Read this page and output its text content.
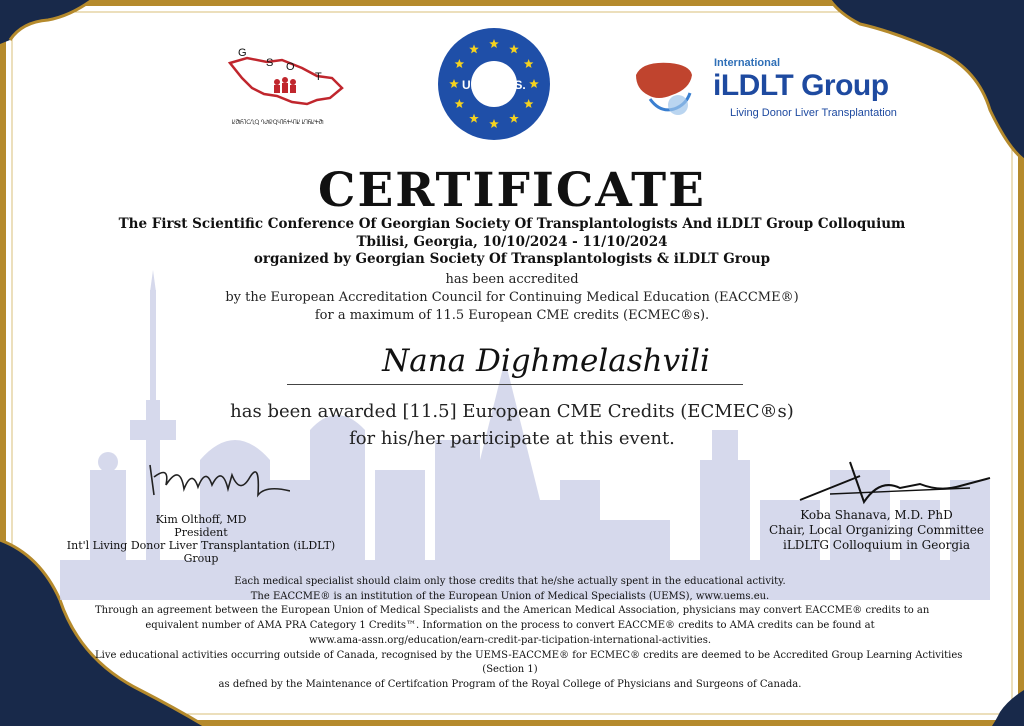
G
S O
T
ႾႫႬႨႺႢႳ ႤႰႲႳႷႨႬႵႷႨႾ ႾႨႬႾႵႫ
U.E. M.S.
International
iLDLT Group
Living Donor Liver Transplantation
CERTIFICATE
The First Scientific Conference Of Georgian Society Of Transplantologists And iLDLT Group Colloquium
Tbilisi, Georgia, 10/10/2024 - 11/10/2024
organized by Georgian Society Of Transplantologists & iLDLT Group
has been accredited
by the European Accreditation Council for Continuing Medical Education (EACCME®)
for a maximum of 11.5 European CME credits (ECMEC®s).
Nana Dighmelashvili
has been awarded [11.5] European CME Credits (ECMEC®s)
for his/her participate at this event.
Kim Olthoff, MD
President
Int'l Living Donor Liver Transplantation (iLDLT) Group
Koba Shanava, M.D. PhD
Chair, Local Organizing Committee
iLDLTG Colloquium in Georgia
Each medical specialist should claim only those credits that he/she actually spent in the educational activity.
The EACCME® is an institution of the European Union of Medical Specialists (UEMS), www.uems.eu.
Through an agreement between the European Union of Medical Specialists and the American Medical Association, physicians may convert EACCME® credits to an
equivalent number of AMA PRA Category 1 Credits™. Information on the process to convert EACCME® credits to AMA credits can be found at
www.ama-assn.org/education/earn-credit-par-ticipation-international-activities.
Live educational activities occurring outside of Canada, recognised by the UEMS-EACCME® for ECMEC® credits are deemed to be Accredited Group Learning Activities
(Section 1)
as defned by the Maintenance of Certifcation Program of the Royal College of Physicians and Surgeons of Canada.
